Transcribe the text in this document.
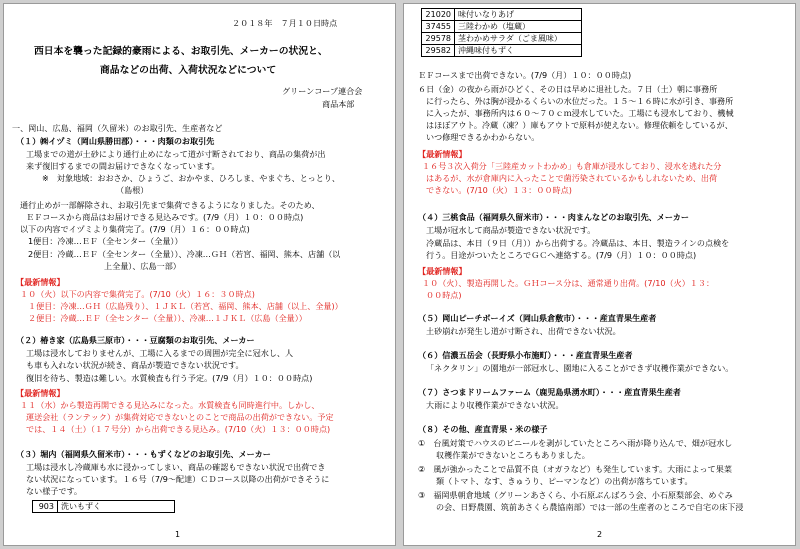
２０１８年　７月１０日時点
西日本を襲った記録的豪雨による、お取引先、メーカーの状況と、
商品などの出荷、入荷状況などについて
グリーンコープ連合会
商品本部
一、岡山、広島、福岡（久留米）のお取引先、生産者など
（１）㈱イヅミ（岡山県勝田郡）・・・肉類のお取引先
工場までの道が土砂により通行止めになって道が寸断されており、商品の集荷が出
来ず復旧するまでの間お届けできなくなっています。
※　対象地域：おおさか、ひょうご、おかやま、ひろしま、やまぐち、とっとり、
（島根）
通行止めが一部解除され、お取引先まで集荷できるようになりました。そのため、
ＥＦコースから商品はお届けできる見込みです。(7/9（月）１０：００時点)
以下の内容でイヅミより集荷完了。(7/9（月）１６：００時点)
1便目：冷凍…ＥＦ（全センター（全量））
2便目：冷蔵…ＥＦ（全センター（全量））、冷凍…ＧＨ（若宮、福岡、熊本、店舗（以
上全量）、広島一部）
【最新情報】
１０（火）以下の内容で集荷完了。(7/10（火）１６：３０時点)
１便目：冷凍…ＧＨ（広島残り）、１ＪＫＬ（若宮、福岡、熊本、店舗（以上、全量)）
２便目：冷蔵…ＥＦ（全センター（全量））、冷凍…１ＪＫＬ（広島（全量））
（２）椿き家（広島県三原市）・・・豆腐類のお取引先、メーカー
工場は浸水しておりませんが、工場に入るまでの周囲が完全に冠水し、人
も車も入れない状況が続き、商品が製造できない状況です。
復旧を待ち、製造は難しい。水質検査も行う予定。(7/9（月）１０：００時点)
【最新情報】
１１（水）から製造再開できる見込みになった。水質検査も同時進行中。しかし、
運送会社（ランテック）が集荷対応できないとのことで商品の出荷ができない。予定
では、１４（土）（１７号分）から出荷できる見込み。(7/10（火）１３：００時点)
（３）堀内（福岡県久留米市）・・・もずくなどのお取引先、メーカー
工場は浸水し冷蔵庫も水に浸かってしまい、商品の確認もできない状況で出荷でき
ない状況になっています。１６号（7/9～配達）ＣＤコース以降の出荷ができそうに
ない様子です。
903	洗いもずく
1
21020	味付いなりあげ
37455	三陸わかめ（塩蔵）
29578	茎わかめサラダ（ごま風味）
29582	沖縄味付もずく
ＥＦコースまで出荷できない。(7/9（月）１０：００時点)
６日（金）の夜から雨がひどく、その日は早めに退社した。７日（土）朝に事務所
に行ったら、外は胸が浸かるくらいの水位だった。１５～１６時に水が引き、事務所
に入ったが、事務所内は６０～７０ｃｍ浸水していた。工場にも浸水しており、機械
はほぼアウト。冷蔵（凍？）庫もアウトで原料が使えない。修理依頼をしているが、
いつ修理できるかわからない。
【最新情報】
１６号３次入荷分「三陸産カットわかめ」も倉庫が浸水しており、浸水を逃れた分
はあるが、水が倉庫内に入ったことで菌汚染されているかもしれないため、出荷
できない。(7/10（火）１３：００時点)
（４）三桃食品（福岡県久留米市）・・・肉まんなどのお取引先、メーカー
工場が冠水して商品が製造できない状況です。
冷蔵品は、本日（９日（月））から出荷する。冷蔵品は、本日、製造ラインの点検を
行う。目途がついたところでＧＣへ連絡する。(7/9（月）１０：００時点)
【最新情報】
１０（火）、製造再開した。ＧＨコース分は、通常通り出荷。(7/10（火）１３：
００時点)
（５）岡山ピーチボーイズ（岡山県倉敷市）・・・産直青果生産者
土砂崩れが発生し道が寸断され、出荷できない状況。
（６）信濃五岳会（長野県小布施町）・・・産直青果生産者
「ネクタリン」の園地が一部冠水し、園地に入ることができず収穫作業ができない。
（７）さつまドリームファーム（鹿児島県湧水町）・・・産直青果生産者
大雨により収穫作業ができない状況。
（８）その他、産直青果・米の様子
①　台風対策でハウスのビニールを剥がしていたところへ雨が降り込んで、畑が冠水し
収穫作業ができないところもありました。
②　風が強かったことで品質不良（オガラなど）も発生しています。大雨によって果菜
類（トマト、なす、きゅうり、ピーマンなど）の出荷が落ちています。
③　福岡県朝倉地域（グリーンあさくら、小石原ぶんばろう会、小石原梨部会、めぐみ
の会、日野農園、筑前あさくら農協南部）では一部の生産者のところで自宅の床下浸
2
